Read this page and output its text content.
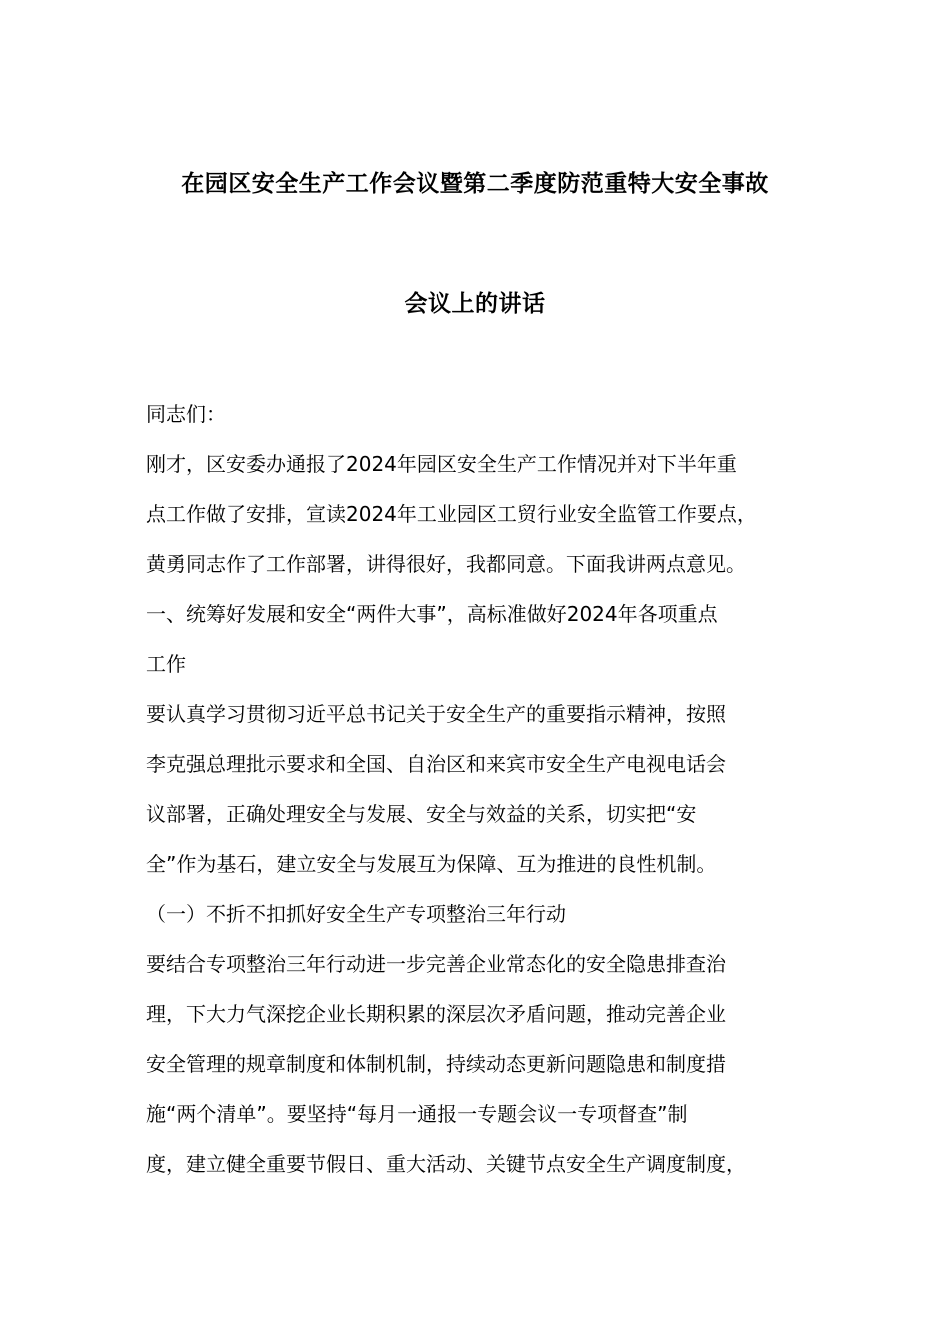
在园区安全生产工作会议暨第二季度防范重特大安全事故
会议上的讲话
同志们：
刚才，区安委办通报了2024年园区安全生产工作情况并对下半年重
点工作做了安排，宣读2024年工业园区工贸行业安全监管工作要点，
黄勇同志作了工作部署，讲得很好，我都同意。下面我讲两点意见。
一、统筹好发展和安全“两件大事”，高标准做好2024年各项重点
工作
要认真学习贯彻习近平总书记关于安全生产的重要指示精神，按照
李克强总理批示要求和全国、自治区和来宾市安全生产电视电话会
议部署，正确处理安全与发展、安全与效益的关系，切实把“安
全”作为基石，建立安全与发展互为保障、互为推进的良性机制。
（一）不折不扣抓好安全生产专项整治三年行动
要结合专项整治三年行动进一步完善企业常态化的安全隐患排查治
理，下大力气深挖企业长期积累的深层次矛盾问题，推动完善企业
安全管理的规章制度和体制机制，持续动态更新问题隐患和制度措
施“两个清单”。要坚持“每月一通报一专题会议一专项督查”制
度，建立健全重要节假日、重大活动、关键节点安全生产调度制度，
